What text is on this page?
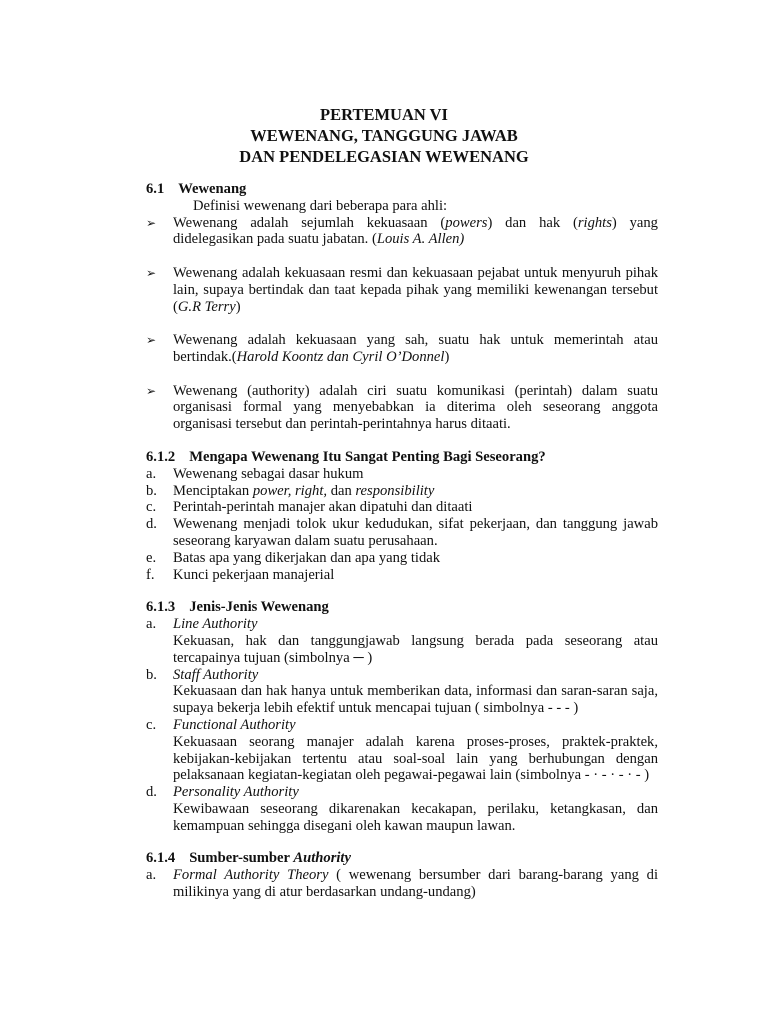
PERTEMUAN VI
WEWENANG, TANGGUNG JAWAB
DAN PENDELEGASIAN WEWENANG
6.1 Wewenang
Definisi wewenang dari beberapa para ahli:
➢	Wewenang adalah sejumlah kekuasaan (powers) dan hak (rights) yang didelegasikan pada suatu jabatan. (Louis A. Allen)
➢	Wewenang adalah kekuasaan resmi dan kekuasaan pejabat untuk menyuruh pihak lain, supaya bertindak dan taat kepada pihak yang memiliki kewenangan tersebut (G.R Terry)
➢	Wewenang adalah kekuasaan yang sah, suatu hak untuk memerintah atau bertindak.(Harold Koontz dan Cyril O’Donnel)
➢	Wewenang (authority) adalah ciri suatu komunikasi (perintah) dalam suatu organisasi formal yang menyebabkan ia diterima oleh seseorang anggota organisasi tersebut dan perintah-perintahnya harus ditaati.
6.1.2 Mengapa Wewenang Itu Sangat Penting Bagi Seseorang?
a.	Wewenang sebagai dasar hukum
b.	Menciptakan power, right, dan responsibility
c.	Perintah-perintah manajer akan dipatuhi dan ditaati
d.	Wewenang menjadi tolok ukur kedudukan, sifat pekerjaan, dan tanggung jawab seseorang karyawan dalam suatu perusahaan.
e.	Batas apa yang dikerjakan dan apa yang tidak
f.	Kunci pekerjaan manajerial
6.1.3 Jenis-Jenis Wewenang
a.	Line Authority
Kekuasan, hak dan tanggungjawab langsung berada pada seseorang atau tercapainya tujuan (simbolnya ─ )
b.	Staff Authority
Kekuasaan dan hak hanya untuk memberikan data, informasi dan saran-saran saja, supaya bekerja lebih efektif untuk mencapai tujuan ( simbolnya - - - )
c.	Functional Authority
Kekuasaan seorang manajer adalah karena proses-proses, praktek-praktek, kebijakan-kebijakan tertentu atau soal-soal lain yang berhubungan dengan pelaksanaan kegiatan-kegiatan oleh pegawai-pegawai lain (simbolnya - · - · - · - )
d.	Personality Authority
Kewibawaan seseorang dikarenakan kecakapan, perilaku, ketangkasan, dan kemampuan sehingga disegani oleh kawan maupun lawan.
6.1.4 Sumber-sumber Authority
a.	Formal Authority Theory ( wewenang bersumber dari barang-barang yang di milikinya yang di atur berdasarkan undang-undang)
